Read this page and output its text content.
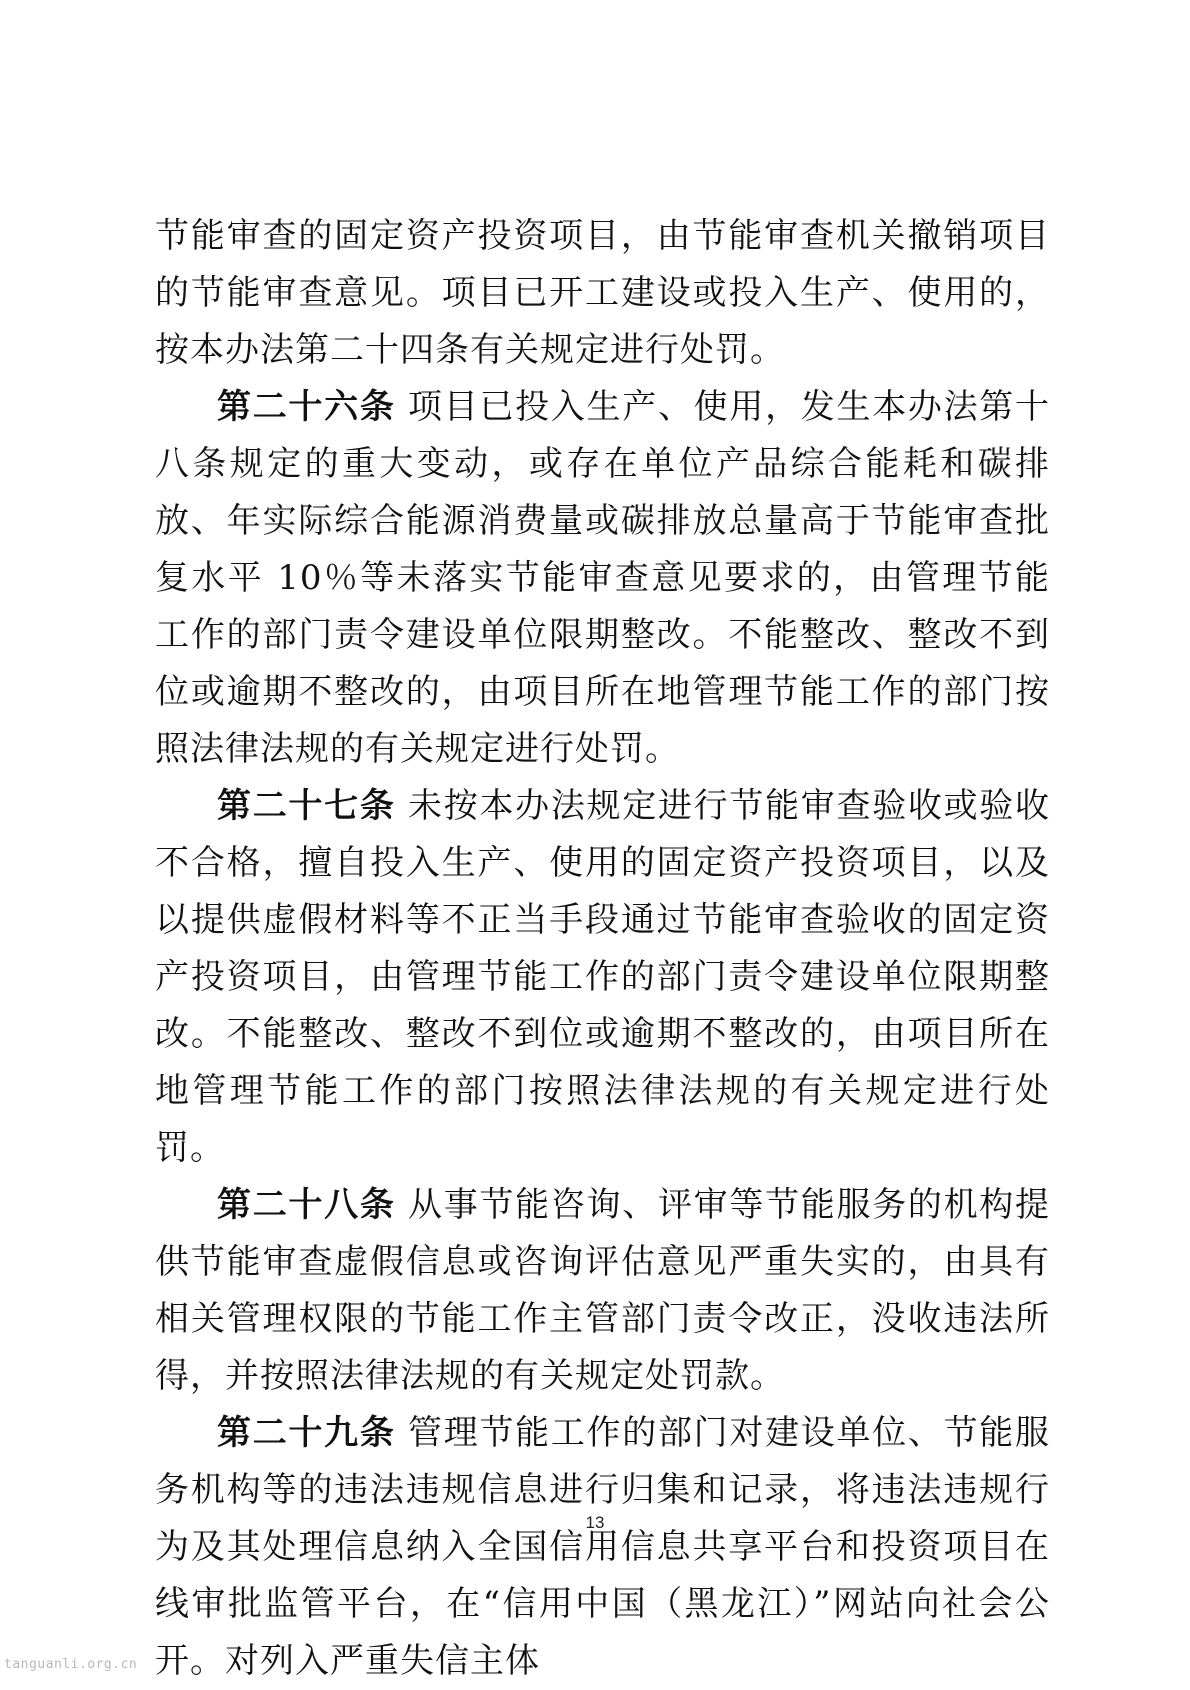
节能审查的固定资产投资项目，由节能审查机关撤销项目的节能审查意见。项目已开工建设或投入生产、使用的，按本办法第二十四条有关规定进行处罚。

第二十六条 项目已投入生产、使用，发生本办法第十八条规定的重大变动，或存在单位产品综合能耗和碳排放、年实际综合能源消费量或碳排放总量高于节能审查批复水平 10％等未落实节能审查意见要求的，由管理节能工作的部门责令建设单位限期整改。不能整改、整改不到位或逾期不整改的，由项目所在地管理节能工作的部门按照法律法规的有关规定进行处罚。

第二十七条 未按本办法规定进行节能审查验收或验收不合格，擅自投入生产、使用的固定资产投资项目，以及以提供虚假材料等不正当手段通过节能审查验收的固定资产投资项目，由管理节能工作的部门责令建设单位限期整改。不能整改、整改不到位或逾期不整改的，由项目所在地管理节能工作的部门按照法律法规的有关规定进行处罚。

第二十八条 从事节能咨询、评审等节能服务的机构提供节能审查虚假信息或咨询评估意见严重失实的，由具有相关管理权限的节能工作主管部门责令改正，没收违法所得，并按照法律法规的有关规定处罚款。

第二十九条 管理节能工作的部门对建设单位、节能服务机构等的违法违规信息进行归集和记录，将违法违规行为及其处理信息纳入全国信用信息共享平台和投资项目在线审批监管平台，在“信用中国（黑龙江）”网站向社会公开。对列入严重失信主体

13
tanguanli.org.cn
